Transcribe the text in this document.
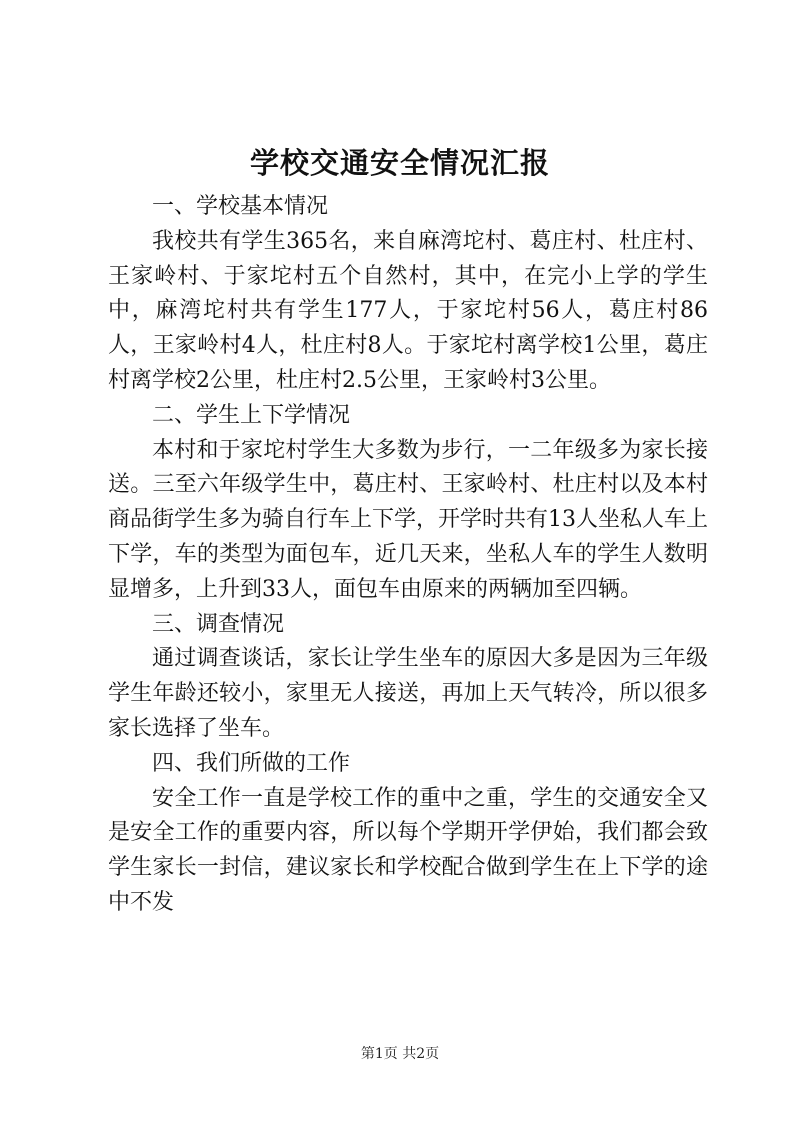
学校交通安全情况汇报

一、学校基本情况

我校共有学生365名，来自麻湾坨村、葛庄村、杜庄村、王家岭村、于家坨村五个自然村，其中，在完小上学的学生中，麻湾坨村共有学生177人，于家坨村56人，葛庄村86人，王家岭村4人，杜庄村8人。于家坨村离学校1公里，葛庄村离学校2公里，杜庄村2.5公里，王家岭村3公里。

二、学生上下学情况

本村和于家坨村学生大多数为步行，一二年级多为家长接送。三至六年级学生中，葛庄村、王家岭村、杜庄村以及本村商品街学生多为骑自行车上下学，开学时共有13人坐私人车上下学，车的类型为面包车，近几天来，坐私人车的学生人数明显增多，上升到33人，面包车由原来的两辆加至四辆。

三、调查情况

通过调查谈话，家长让学生坐车的原因大多是因为三年级学生年龄还较小，家里无人接送，再加上天气转冷，所以很多家长选择了坐车。

四、我们所做的工作

安全工作一直是学校工作的重中之重，学生的交通安全又是安全工作的重要内容，所以每个学期开学伊始，我们都会致学生家长一封信，建议家长和学校配合做到学生在上下学的途中不发

第1页 共2页
